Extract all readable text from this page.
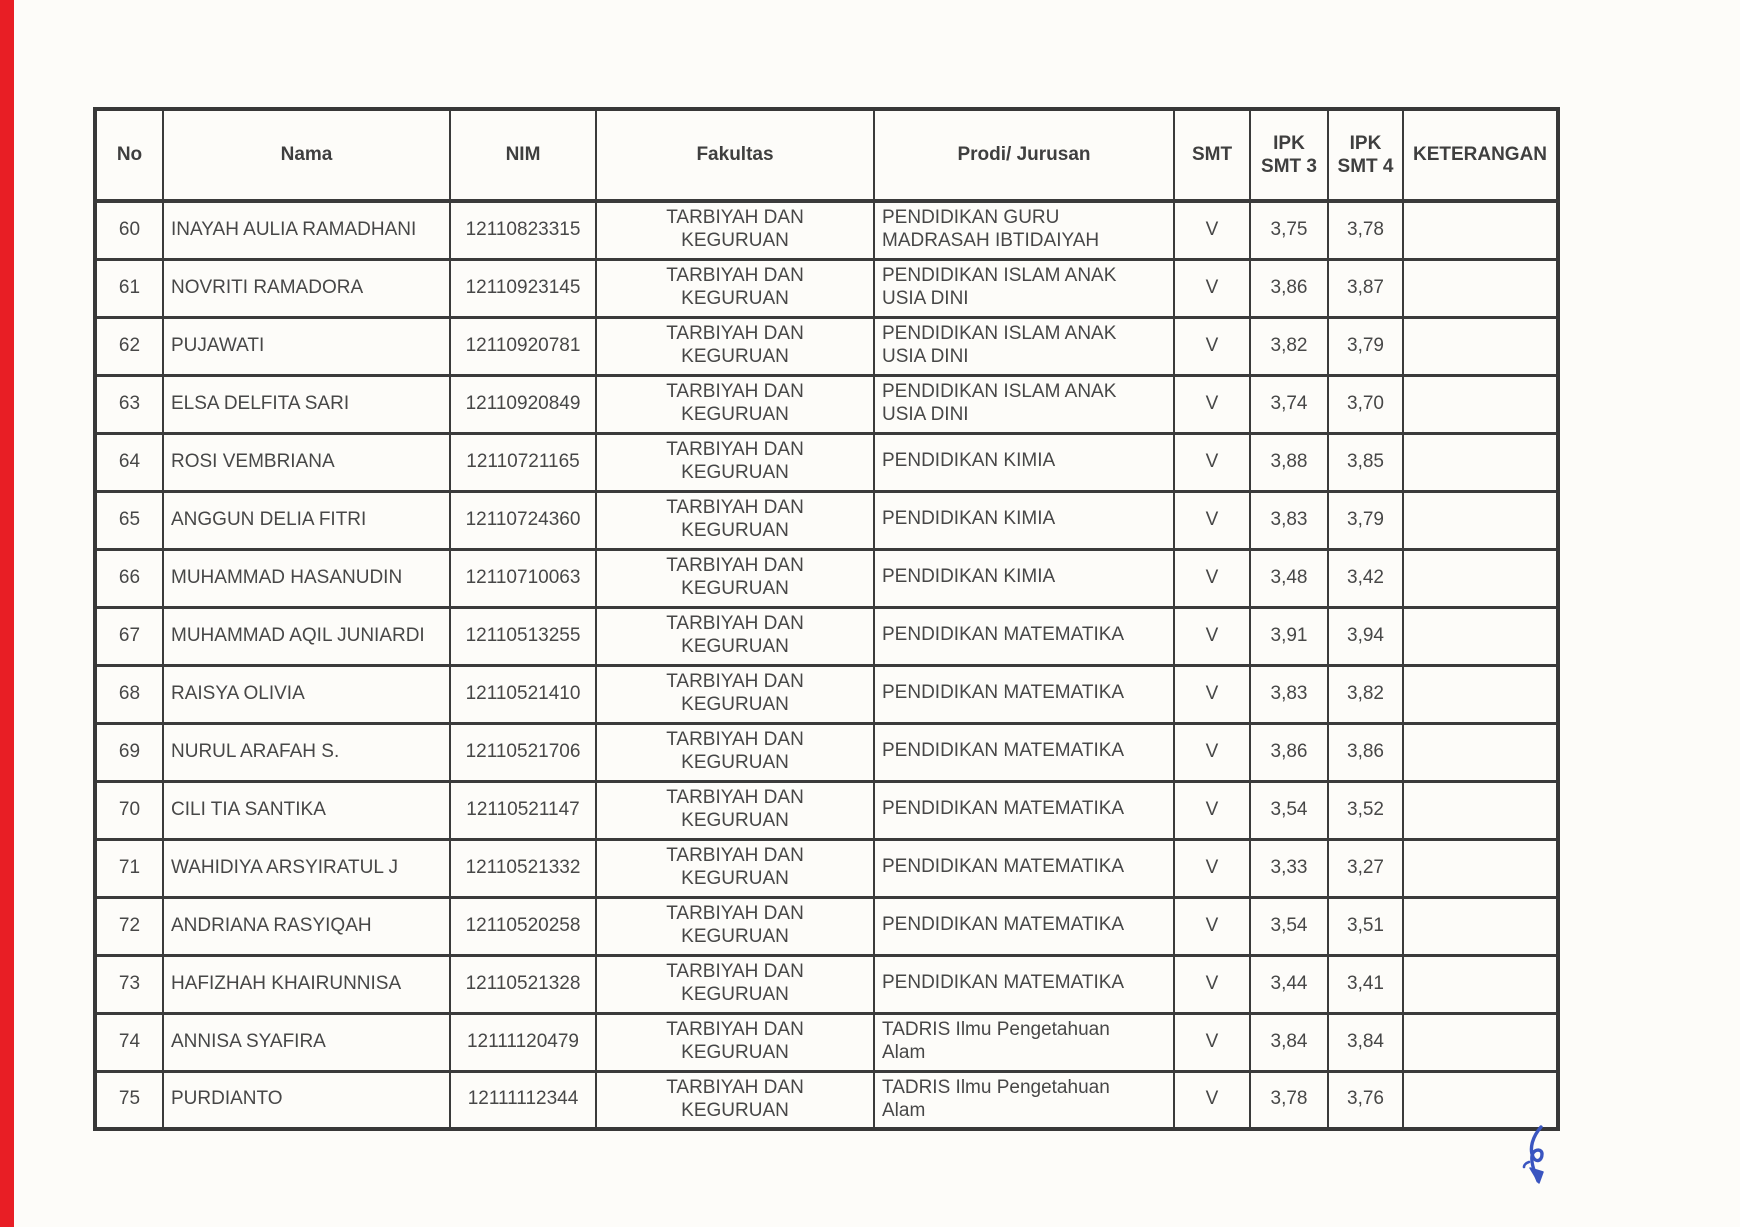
No	Nama	NIM	Fakultas	Prodi/ Jurusan	SMT	IPK SMT 3	IPK SMT 4	KETERANGAN
60	INAYAH AULIA RAMADHANI	12110823315	TARBIYAH DAN KEGURUAN	PENDIDIKAN GURU MADRASAH IBTIDAIYAH	V	3,75	3,78	
61	NOVRITI RAMADORA	12110923145	TARBIYAH DAN KEGURUAN	PENDIDIKAN ISLAM ANAK USIA DINI	V	3,86	3,87	
62	PUJAWATI	12110920781	TARBIYAH DAN KEGURUAN	PENDIDIKAN ISLAM ANAK USIA DINI	V	3,82	3,79	
63	ELSA DELFITA SARI	12110920849	TARBIYAH DAN KEGURUAN	PENDIDIKAN ISLAM ANAK USIA DINI	V	3,74	3,70	
64	ROSI VEMBRIANA	12110721165	TARBIYAH DAN KEGURUAN	PENDIDIKAN KIMIA	V	3,88	3,85	
65	ANGGUN DELIA FITRI	12110724360	TARBIYAH DAN KEGURUAN	PENDIDIKAN KIMIA	V	3,83	3,79	
66	MUHAMMAD HASANUDIN	12110710063	TARBIYAH DAN KEGURUAN	PENDIDIKAN KIMIA	V	3,48	3,42	
67	MUHAMMAD AQIL JUNIARDI	12110513255	TARBIYAH DAN KEGURUAN	PENDIDIKAN MATEMATIKA	V	3,91	3,94	
68	RAISYA OLIVIA	12110521410	TARBIYAH DAN KEGURUAN	PENDIDIKAN MATEMATIKA	V	3,83	3,82	
69	NURUL ARAFAH S.	12110521706	TARBIYAH DAN KEGURUAN	PENDIDIKAN MATEMATIKA	V	3,86	3,86	
70	CILI TIA SANTIKA	12110521147	TARBIYAH DAN KEGURUAN	PENDIDIKAN MATEMATIKA	V	3,54	3,52	
71	WAHIDIYA ARSYIRATUL J	12110521332	TARBIYAH DAN KEGURUAN	PENDIDIKAN MATEMATIKA	V	3,33	3,27	
72	ANDRIANA RASYIQAH	12110520258	TARBIYAH DAN KEGURUAN	PENDIDIKAN MATEMATIKA	V	3,54	3,51	
73	HAFIZHAH KHAIRUNNISA	12110521328	TARBIYAH DAN KEGURUAN	PENDIDIKAN MATEMATIKA	V	3,44	3,41	
74	ANNISA SYAFIRA	12111120479	TARBIYAH DAN KEGURUAN	TADRIS Ilmu Pengetahuan Alam	V	3,84	3,84	
75	PURDIANTO	12111112344	TARBIYAH DAN KEGURUAN	TADRIS Ilmu Pengetahuan Alam	V	3,78	3,76	
